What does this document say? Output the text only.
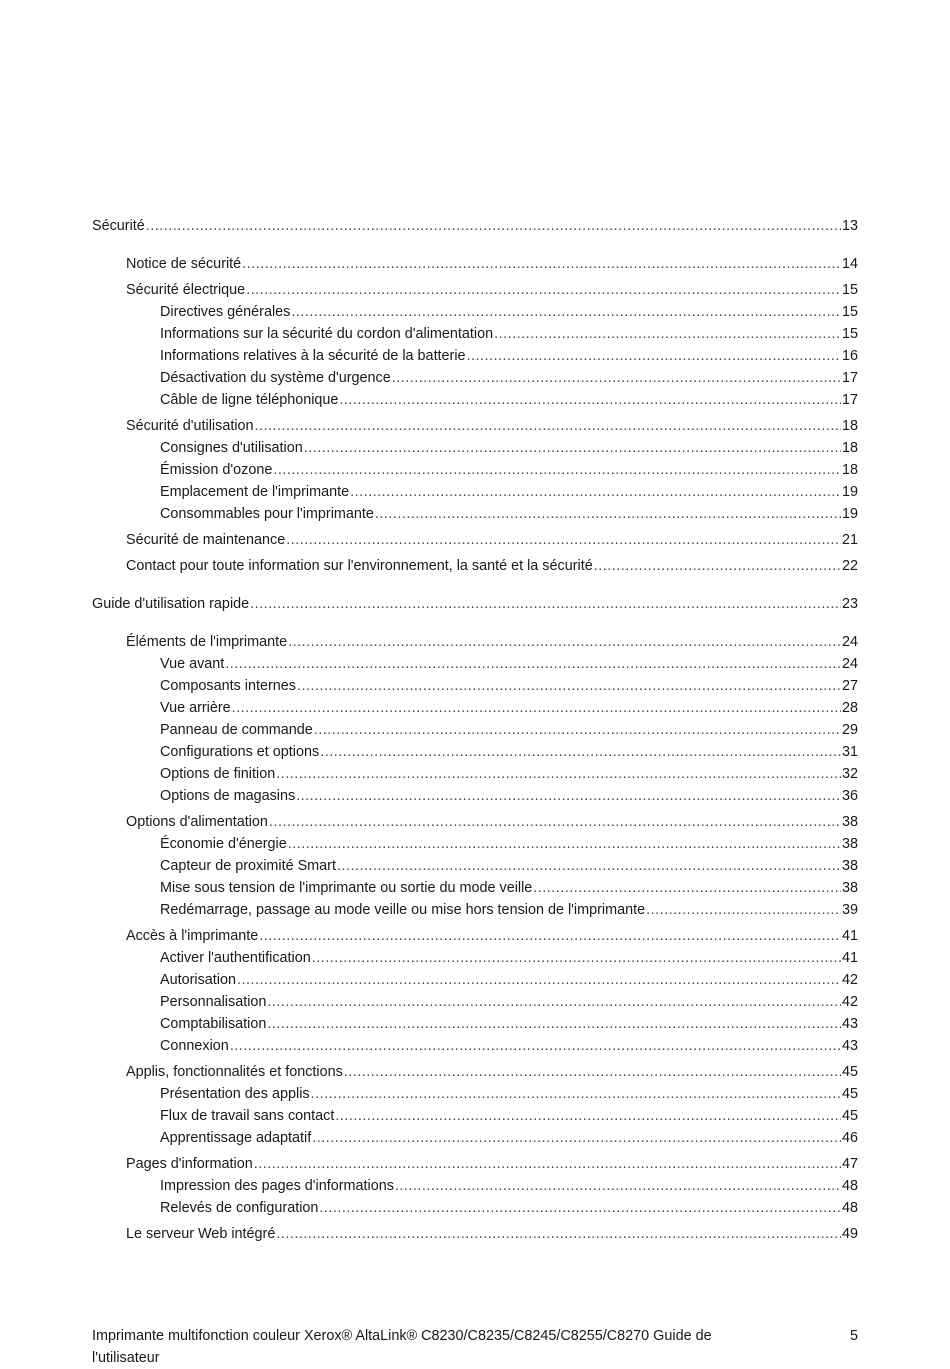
Sécurité .....	13
Notice de sécurité .....	14
Sécurité électrique .....	15
Directives générales .....	15
Informations sur la sécurité du cordon d'alimentation .....	15
Informations relatives à la sécurité de la batterie .....	16
Désactivation du système d'urgence .....	17
Câble de ligne téléphonique .....	17
Sécurité d'utilisation .....	18
Consignes d'utilisation .....	18
Émission d'ozone .....	18
Emplacement de l'imprimante .....	19
Consommables pour l'imprimante .....	19
Sécurité de maintenance .....	21
Contact pour toute information sur l'environnement, la santé et la sécurité .....	22
Guide d'utilisation rapide .....	23
Éléments de l'imprimante .....	24
Vue avant .....	24
Composants internes .....	27
Vue arrière .....	28
Panneau de commande .....	29
Configurations et options .....	31
Options de finition .....	32
Options de magasins .....	36
Options d'alimentation .....	38
Économie d'énergie .....	38
Capteur de proximité Smart .....	38
Mise sous tension de l'imprimante ou sortie du mode veille .....	38
Redémarrage, passage au mode veille ou mise hors tension de l'imprimante .....	39
Accès à l'imprimante .....	41
Activer l'authentification .....	41
Autorisation .....	42
Personnalisation .....	42
Comptabilisation .....	43
Connexion .....	43
Applis, fonctionnalités et fonctions .....	45
Présentation des applis .....	45
Flux de travail sans contact .....	45
Apprentissage adaptatif .....	46
Pages d'information .....	47
Impression des pages d'informations .....	48
Relevés de configuration .....	48
Le serveur Web intégré .....	49
Imprimante multifonction couleur Xerox® AltaLink® C8230/C8235/C8245/C8255/C8270 Guide de l'utilisateur
5
